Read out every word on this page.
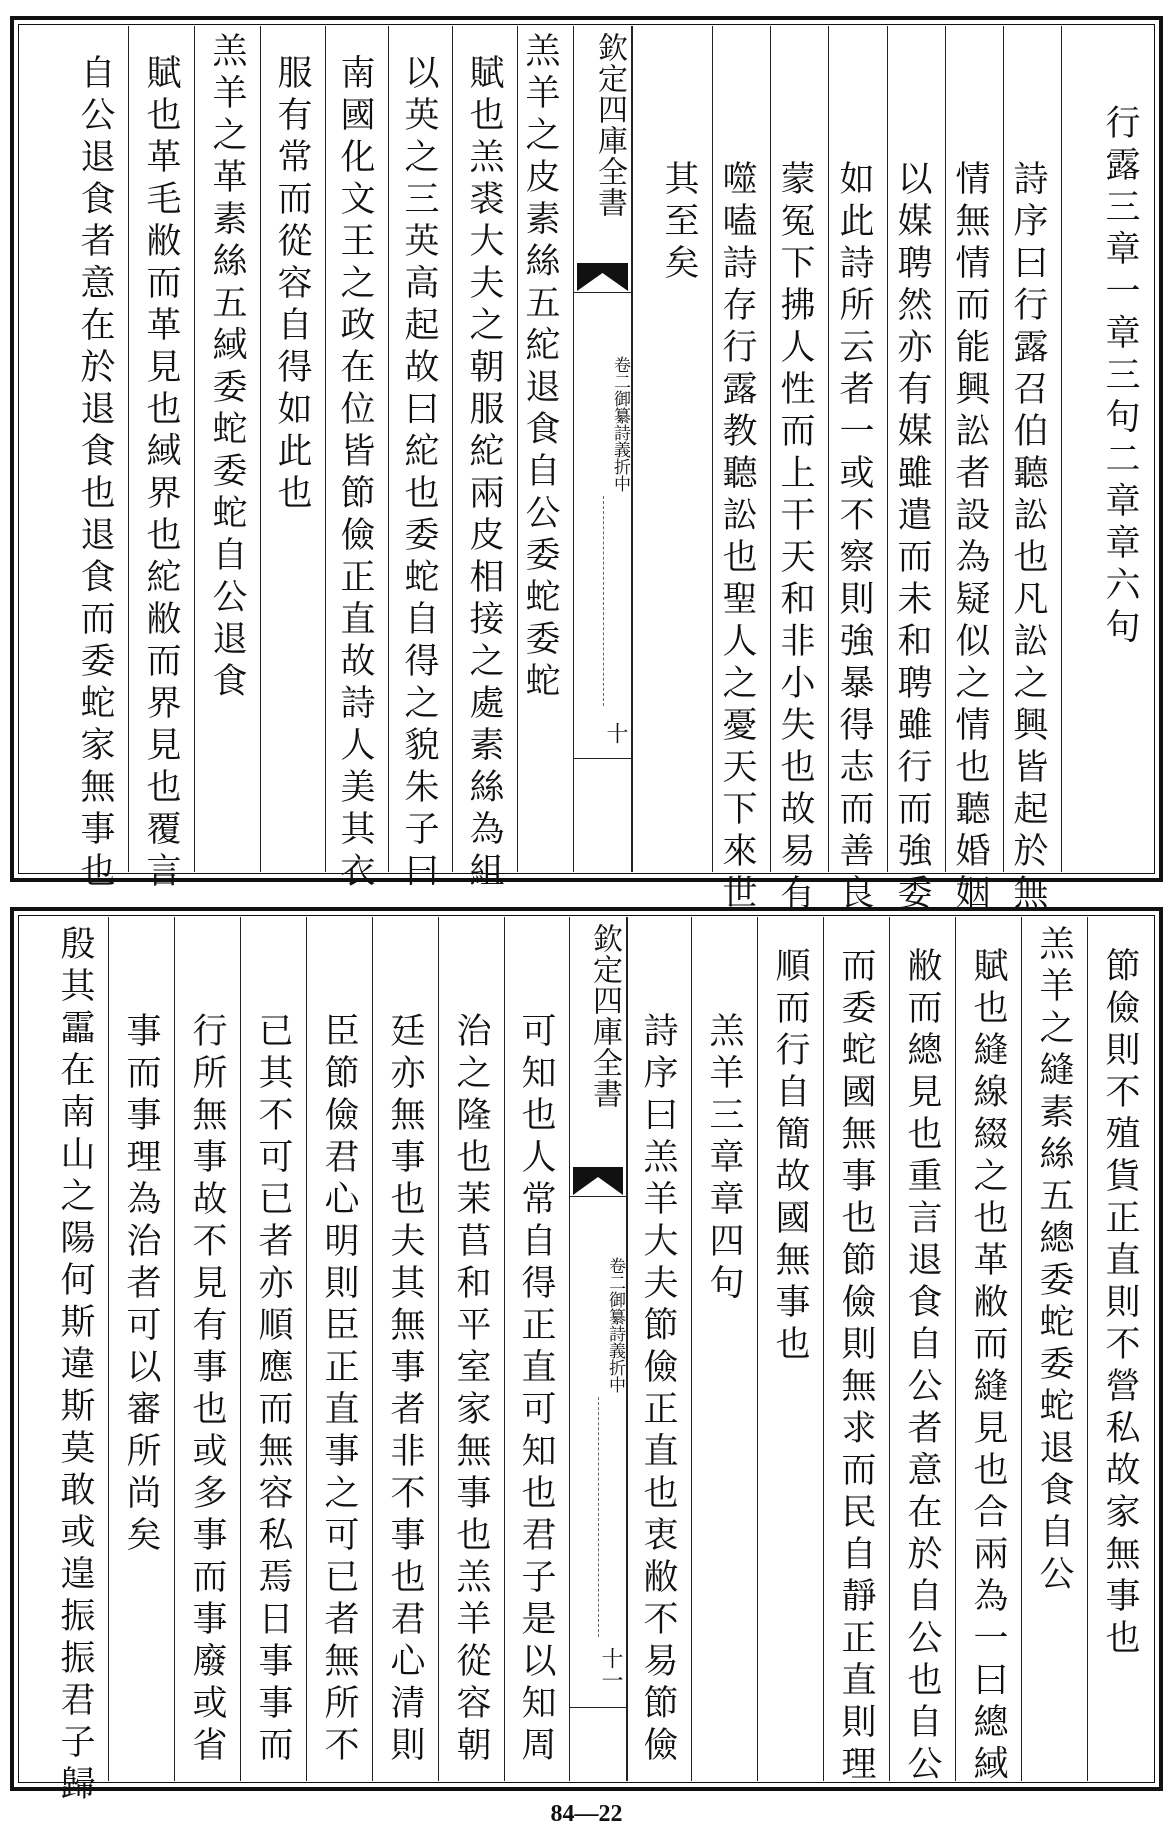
行露三章一章三句二章章六句
詩序曰行露召伯聽訟也凡訟之興皆起於無
情無情而能興訟者設為疑似之情也聽婚姻
以媒聘然亦有媒雖遣而未和聘雖行而強委
如此詩所云者一或不察則強暴得志而善良
蒙冤下拂人性而上干天和非小失也故易有
噬嗑詩存行露教聽訟也聖人之憂天下來世
其至矣
欽定四庫全書
御纂詩義折中
卷二
十
羔羊之皮素絲五紽退食自公委蛇委蛇
賦也羔裘大夫之朝服紽兩皮相接之處素絲為組
以英之三英高起故曰紽也委蛇自得之貌朱子曰
南國化文王之政在位皆節儉正直故詩人美其衣
服有常而從容自得如此也
羔羊之革素絲五緎委蛇委蛇自公退食
賦也革毛敝而革見也緎界也紽敝而界見也覆言
自公退食者意在於退食也退食而委蛇家無事也
節儉則不殖貨正直則不營私故家無事也
羔羊之縫素絲五總委蛇委蛇退食自公
賦也縫線綴之也革敝而縫見也合兩為一曰總緎
敝而總見也重言退食自公者意在於自公也自公
而委蛇國無事也節儉則無求而民自靜正直則理
順而行自簡故國無事也
羔羊三章章四句
詩序曰羔羊大夫節儉正直也衷敝不易節儉
欽定四庫全書
御纂詩義折中
卷二
十一
可知也人常自得正直可知也君子是以知周
治之隆也茉苢和平室家無事也羔羊從容朝
廷亦無事也夫其無事者非不事也君心清則
臣節儉君心明則臣正直事之可已者無所不
已其不可已者亦順應而無容私焉日事事而
行所無事故不見有事也或多事而事廢或省
事而事理為治者可以審所尚矣
殷其靁在南山之陽何斯違斯莫敢或遑振振君子歸
84—22
